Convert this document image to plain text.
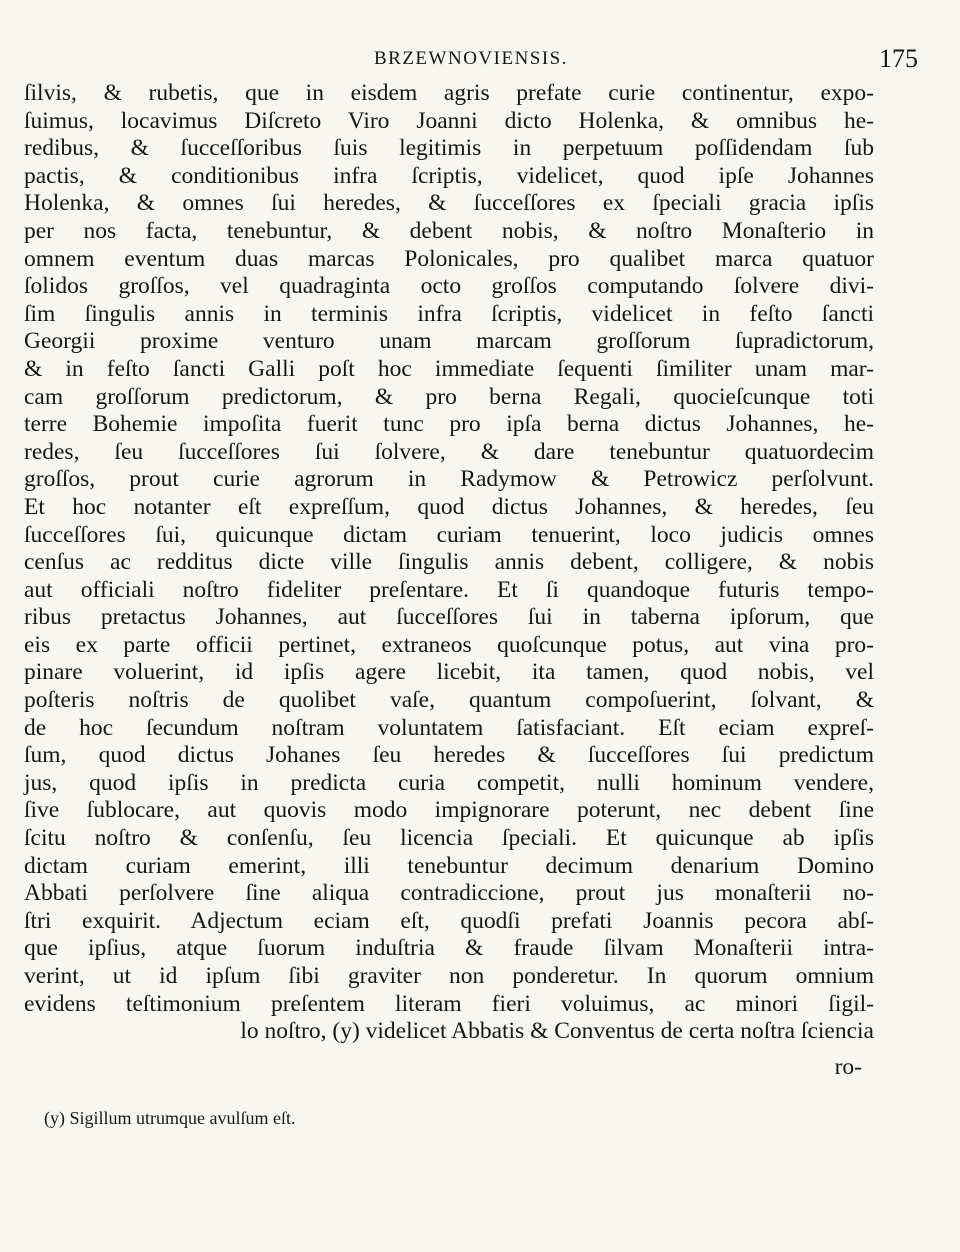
BRZEWNOVIENSIS.	175
ſilvis, & rubetis, que in eisdem agris prefate curie continentur, expo-
ſuimus, locavimus Diſcreto Viro Joanni dicto Holenka, & omnibus he-
redibus, & ſucceſſoribus ſuis legitimis in perpetuum poſſidendam ſub
pactis, & conditionibus infra ſcriptis, videlicet, quod ipſe Johannes
Holenka, & omnes ſui heredes, & ſucceſſores ex ſpeciali gracia ipſis
per nos facta, tenebuntur, & debent nobis, & noſtro Monaſterio in
omnem eventum duas marcas Polonicales, pro qualibet marca quatuor
ſolidos groſſos, vel quadraginta octo groſſos computando ſolvere divi-
ſim ſingulis annis in terminis infra ſcriptis, videlicet in feſto ſancti
Georgii proxime venturo unam marcam groſſorum ſupradictorum,
& in feſto ſancti Galli poſt hoc immediate ſequenti ſimiliter unam mar-
cam groſſorum predictorum, & pro berna Regali, quocieſcunque toti
terre Bohemie impoſita fuerit tunc pro ipſa berna dictus Johannes, he-
redes, ſeu ſucceſſores ſui ſolvere, & dare tenebuntur quatuordecim
groſſos, prout curie agrorum in Radymow & Petrowicz perſolvunt.
Et hoc notanter eſt expreſſum, quod dictus Johannes, & heredes, ſeu
ſucceſſores ſui, quicunque dictam curiam tenuerint, loco judicis omnes
cenſus ac redditus dicte ville ſingulis annis debent, colligere, & nobis
aut officiali noſtro fideliter preſentare. Et ſi quandoque futuris tempo-
ribus pretactus Johannes, aut ſucceſſores ſui in taberna ipſorum, que
eis ex parte officii pertinet, extraneos quoſcunque potus, aut vina pro-
pinare voluerint, id ipſis agere licebit, ita tamen, quod nobis, vel
poſteris noſtris de quolibet vaſe, quantum compoſuerint, ſolvant, &
de hoc ſecundum noſtram voluntatem ſatisfaciant. Eſt eciam expreſ-
ſum, quod dictus Johanes ſeu heredes & ſucceſſores ſui predictum
jus, quod ipſis in predicta curia competit, nulli hominum vendere,
ſive ſublocare, aut quovis modo impignorare poterunt, nec debent ſine
ſcitu noſtro & conſenſu, ſeu licencia ſpeciali. Et quicunque ab ipſis
dictam curiam emerint, illi tenebuntur decimum denarium Domino
Abbati perſolvere ſine aliqua contradiccione, prout jus monaſterii no-
ſtri exquirit. Adjectum eciam eſt, quodſi prefati Joannis pecora abſ-
que ipſius, atque ſuorum induſtria & fraude ſilvam Monaſterii intra-
verint, ut id ipſum ſibi graviter non ponderetur. In quorum omnium
evidens teſtimonium preſentem literam fieri voluimus, ac minori ſigil-
lo noſtro, (y) videlicet Abbatis & Conventus de certa noſtra ſciencia
ro-
(y) Sigillum utrumque avulſum eſt.
